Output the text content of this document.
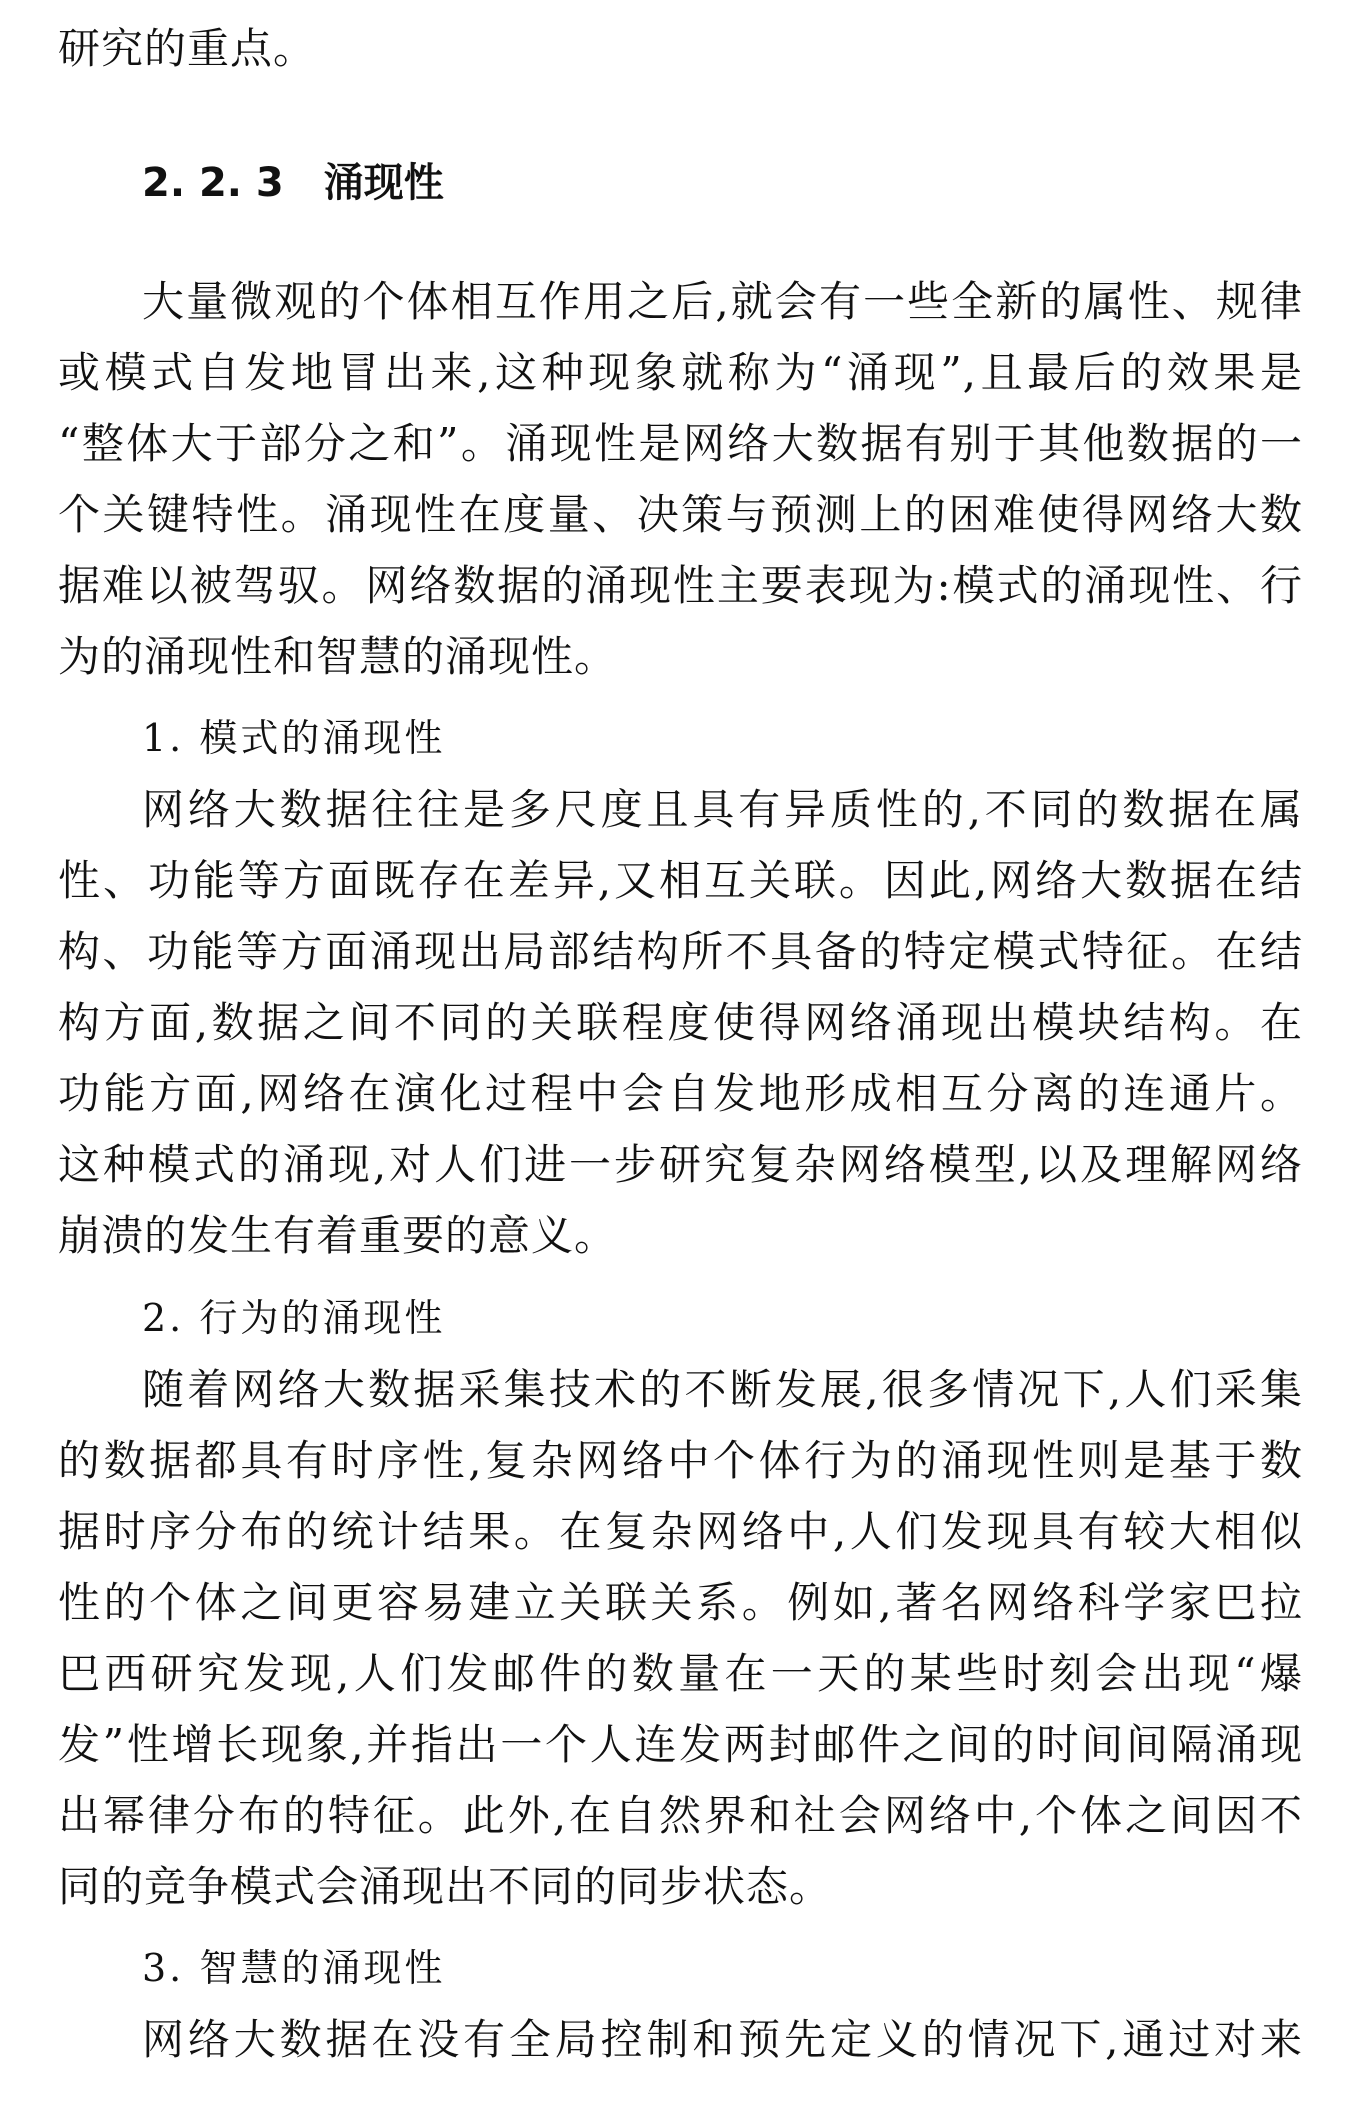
研究的重点。
2. 2. 3 涌现性
大量微观的个体相互作用之后,就会有一些全新的属性、规律
或模式自发地冒出来,这种现象就称为“涌现”,且最后的效果是
“整体大于部分之和”。涌现性是网络大数据有别于其他数据的一
个关键特性。涌现性在度量、决策与预测上的困难使得网络大数
据难以被驾驭。网络数据的涌现性主要表现为:模式的涌现性、行
为的涌现性和智慧的涌现性。
1. 模式的涌现性
网络大数据往往是多尺度且具有异质性的,不同的数据在属
性、功能等方面既存在差异,又相互关联。因此,网络大数据在结
构、功能等方面涌现出局部结构所不具备的特定模式特征。在结
构方面,数据之间不同的关联程度使得网络涌现出模块结构。在
功能方面,网络在演化过程中会自发地形成相互分离的连通片。
这种模式的涌现,对人们进一步研究复杂网络模型,以及理解网络
崩溃的发生有着重要的意义。
2. 行为的涌现性
随着网络大数据采集技术的不断发展,很多情况下,人们采集
的数据都具有时序性,复杂网络中个体行为的涌现性则是基于数
据时序分布的统计结果。在复杂网络中,人们发现具有较大相似
性的个体之间更容易建立关联关系。例如,著名网络科学家巴拉
巴西研究发现,人们发邮件的数量在一天的某些时刻会出现“爆
发”性增长现象,并指出一个人连发两封邮件之间的时间间隔涌现
出幂律分布的特征。此外,在自然界和社会网络中,个体之间因不
同的竞争模式会涌现出不同的同步状态。
3. 智慧的涌现性
网络大数据在没有全局控制和预先定义的情况下,通过对来
